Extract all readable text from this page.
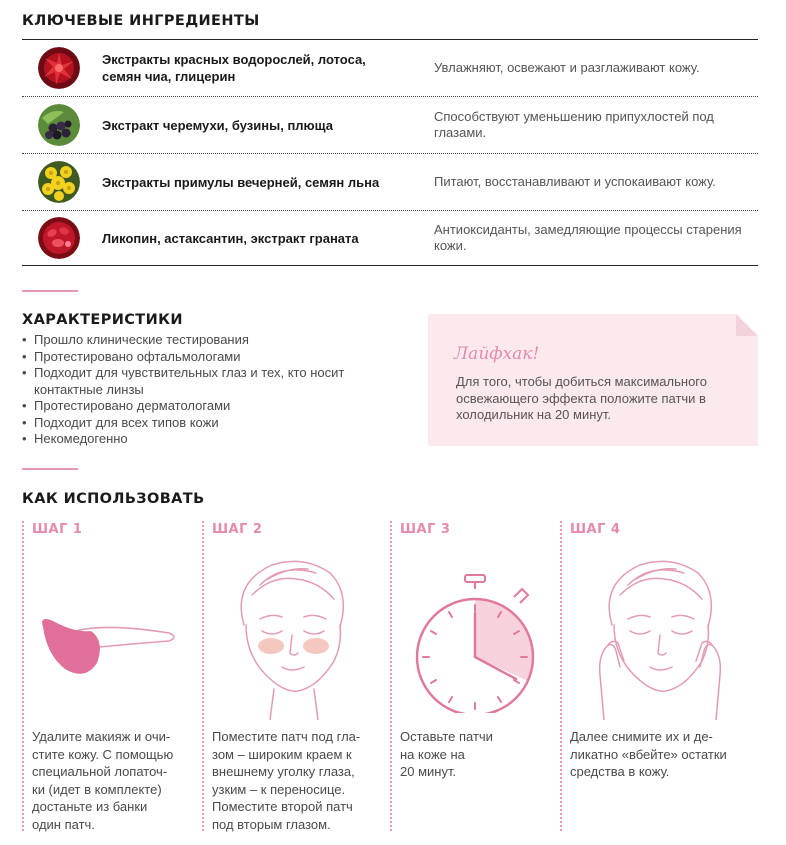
КЛЮЧЕВЫЕ ИНГРЕДИЕНТЫ
Экстракты красных водорослей, лотоса, семян чиа, глицерин
Увлажняют, освежают и разглаживают кожу.
Экстракт черемухи, бузины, плюща
Способствуют уменьшению припухлостей под глазами.
Экстракты примулы вечерней, семян льна	Питают, восстанавливают и успокаивают кожу.
Ликопин, астаксантин, экстракт граната
Антиоксиданты, замедляющие процессы старения кожи.
ХАРАКТЕРИСТИКИ
• Прошло клинические тестирования
• Протестировано офтальмологами
• Подходит для чувствительных глаз и тех, кто носит контактные линзы
• Протестировано дерматологами
• Подходит для всех типов кожи
• Некомедогенно
Лайфхак!
Для того, чтобы добиться максимального освежающего эффекта положите патчи в холодильник на 20 минут.
КАК ИСПОЛЬЗОВАТЬ
ШАГ 1
Удалите макияж и очи-
стите кожу. С помощью
специальной лопаточ-
ки (идет в комплекте)
достаньте из банки
один патч.
ШАГ 2
Поместите патч под гла-
зом – широким краем к
внешнему уголку глаза,
узким – к переносице.
Поместите второй патч
под вторым глазом.
ШАГ 3
Оставьте патчи
на коже на
20 минут.
ШАГ 4
Далее снимите их и де-
ликатно «вбейте» остатки
средства в кожу.
